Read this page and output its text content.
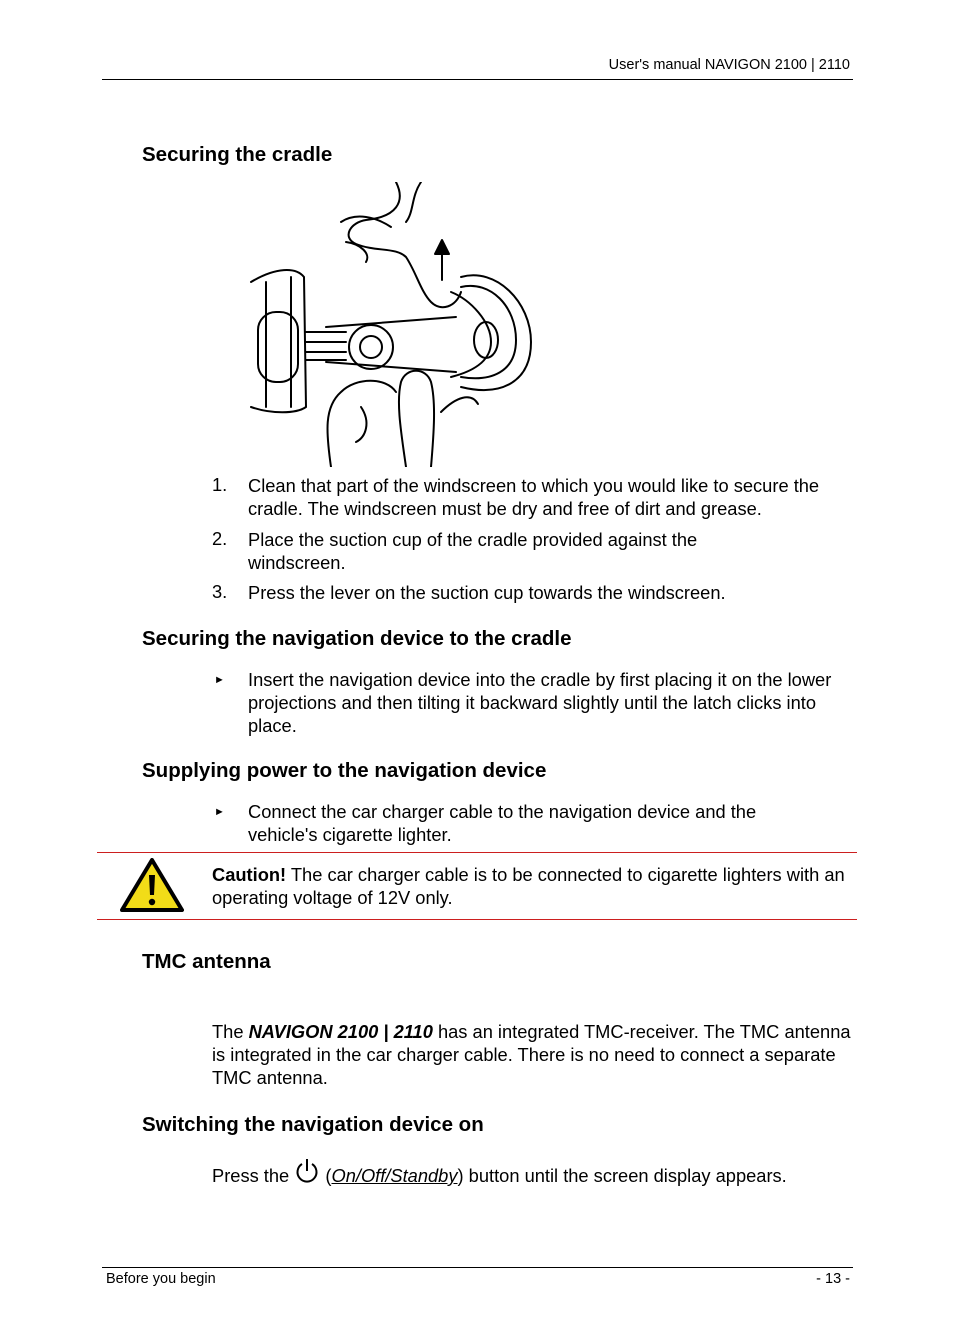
User's manual NAVIGON 2100 | 2110
Securing the cradle
1. Clean that part of the windscreen to which you would like to secure the cradle. The windscreen must be dry and free of dirt and grease.
2. Place the suction cup of the cradle provided against the windscreen.
3. Press the lever on the suction cup towards the windscreen.
Securing the navigation device to the cradle
► Insert the navigation device into the cradle by first placing it on the lower projections and then tilting it backward slightly until the latch clicks into place.
Supplying power to the navigation device
► Connect the car charger cable to the navigation device and the vehicle's cigarette lighter.
Caution! The car charger cable is to be connected to cigarette lighters with an operating voltage of 12V only.
TMC antenna
The NAVIGON 2100 | 2110 has an integrated TMC-receiver. The TMC antenna is integrated in the car charger cable. There is no need to connect a separate TMC antenna.
Switching the navigation device on
Press the  (On/Off/Standby) button until the screen display appears.
Before you begin	- 13 -
